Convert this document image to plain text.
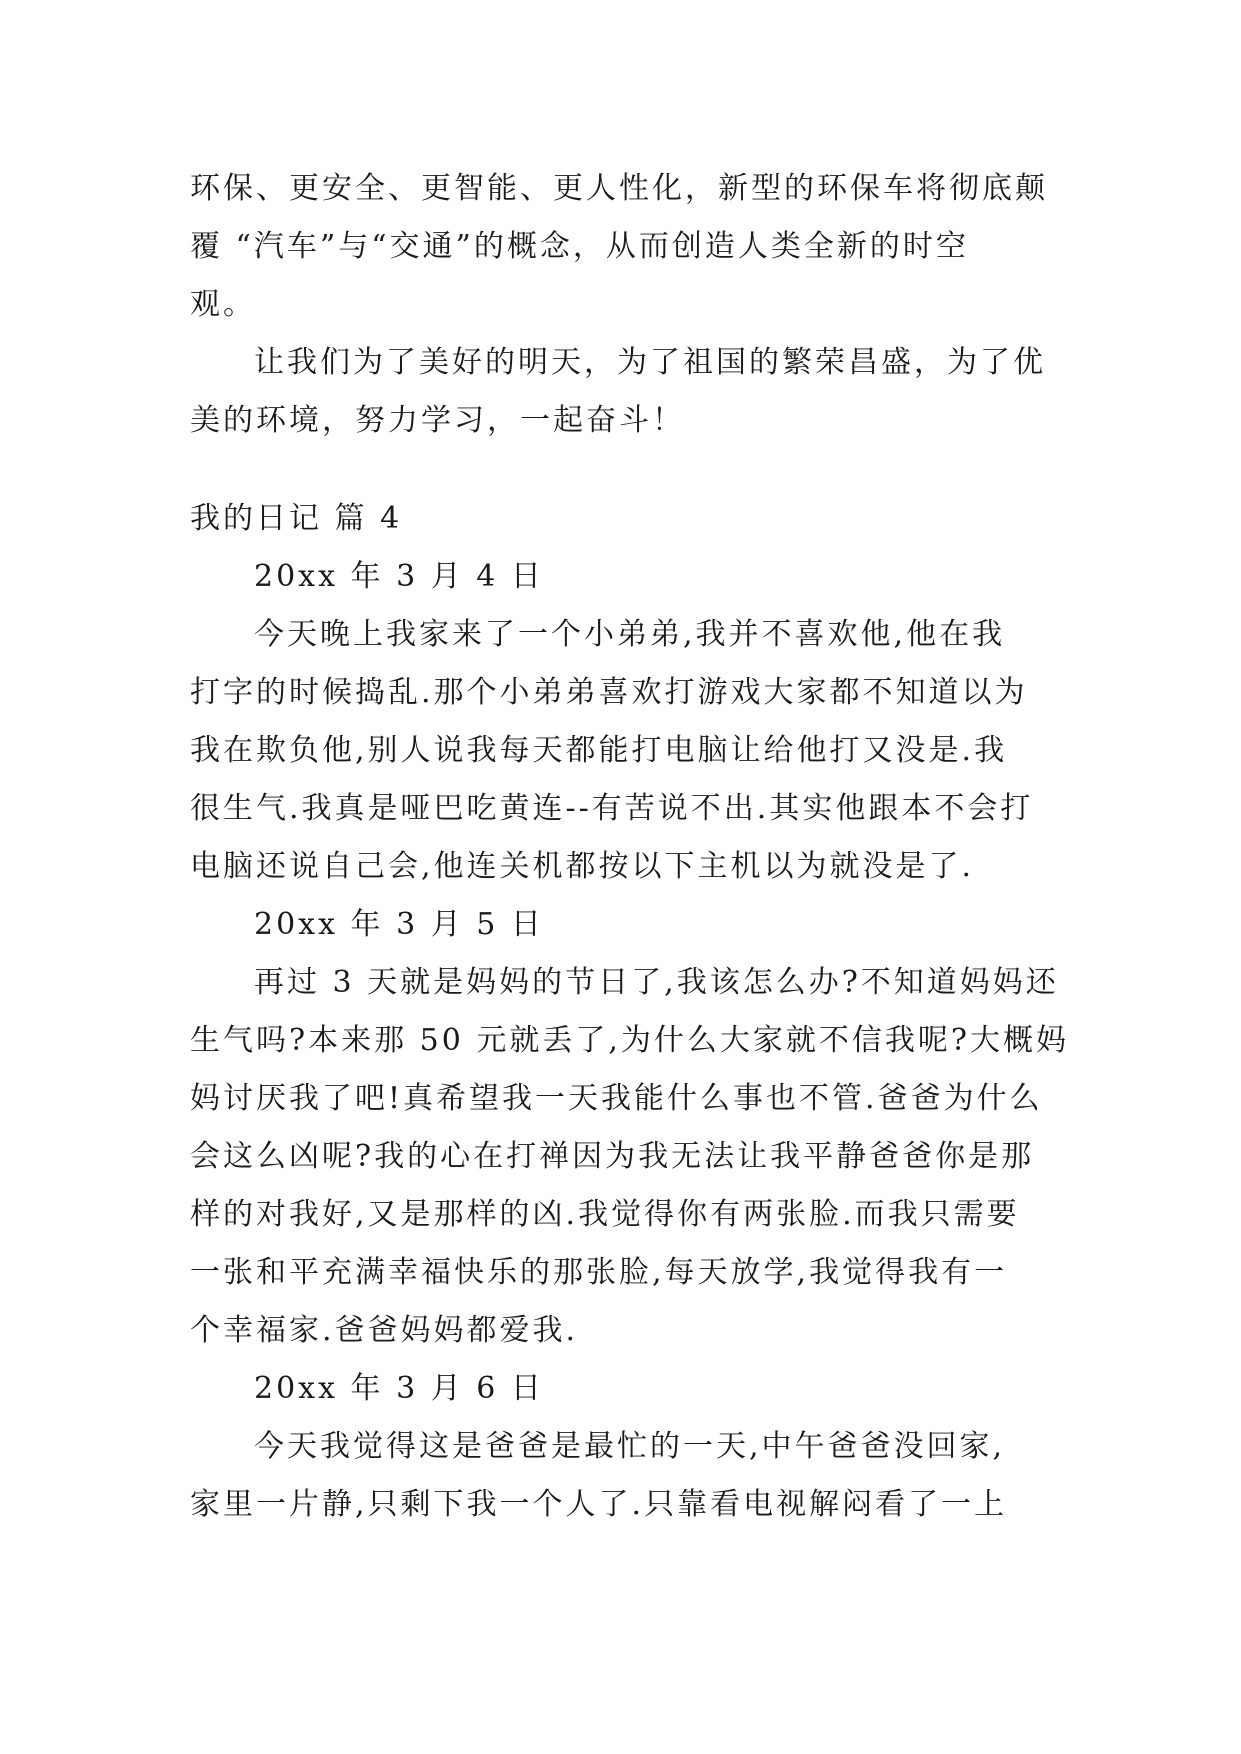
环保、更安全、更智能、更人性化，新型的环保车将彻底颠
覆 “汽车”与“交通”的概念，从而创造人类全新的时空
观。
让我们为了美好的明天，为了祖国的繁荣昌盛，为了优
美的环境，努力学习，一起奋斗！
我的日记 篇 4
20xx 年 3 月 4 日
今天晚上我家来了一个小弟弟,我并不喜欢他,他在我
打字的时候捣乱.那个小弟弟喜欢打游戏大家都不知道以为
我在欺负他,别人说我每天都能打电脑让给他打又没是.我
很生气.我真是哑巴吃黄连--有苦说不出.其实他跟本不会打
电脑还说自己会,他连关机都按以下主机以为就没是了.
20xx 年 3 月 5 日
再过 3 天就是妈妈的节日了,我该怎么办?不知道妈妈还
生气吗?本来那 50 元就丢了,为什么大家就不信我呢?大概妈
妈讨厌我了吧!真希望我一天我能什么事也不管.爸爸为什么
会这么凶呢?我的心在打禅因为我无法让我平静爸爸你是那
样的对我好,又是那样的凶.我觉得你有两张脸.而我只需要
一张和平充满幸福快乐的那张脸,每天放学,我觉得我有一
个幸福家.爸爸妈妈都爱我.
20xx 年 3 月 6 日
今天我觉得这是爸爸是最忙的一天,中午爸爸没回家,
家里一片静,只剩下我一个人了.只靠看电视解闷看了一上
